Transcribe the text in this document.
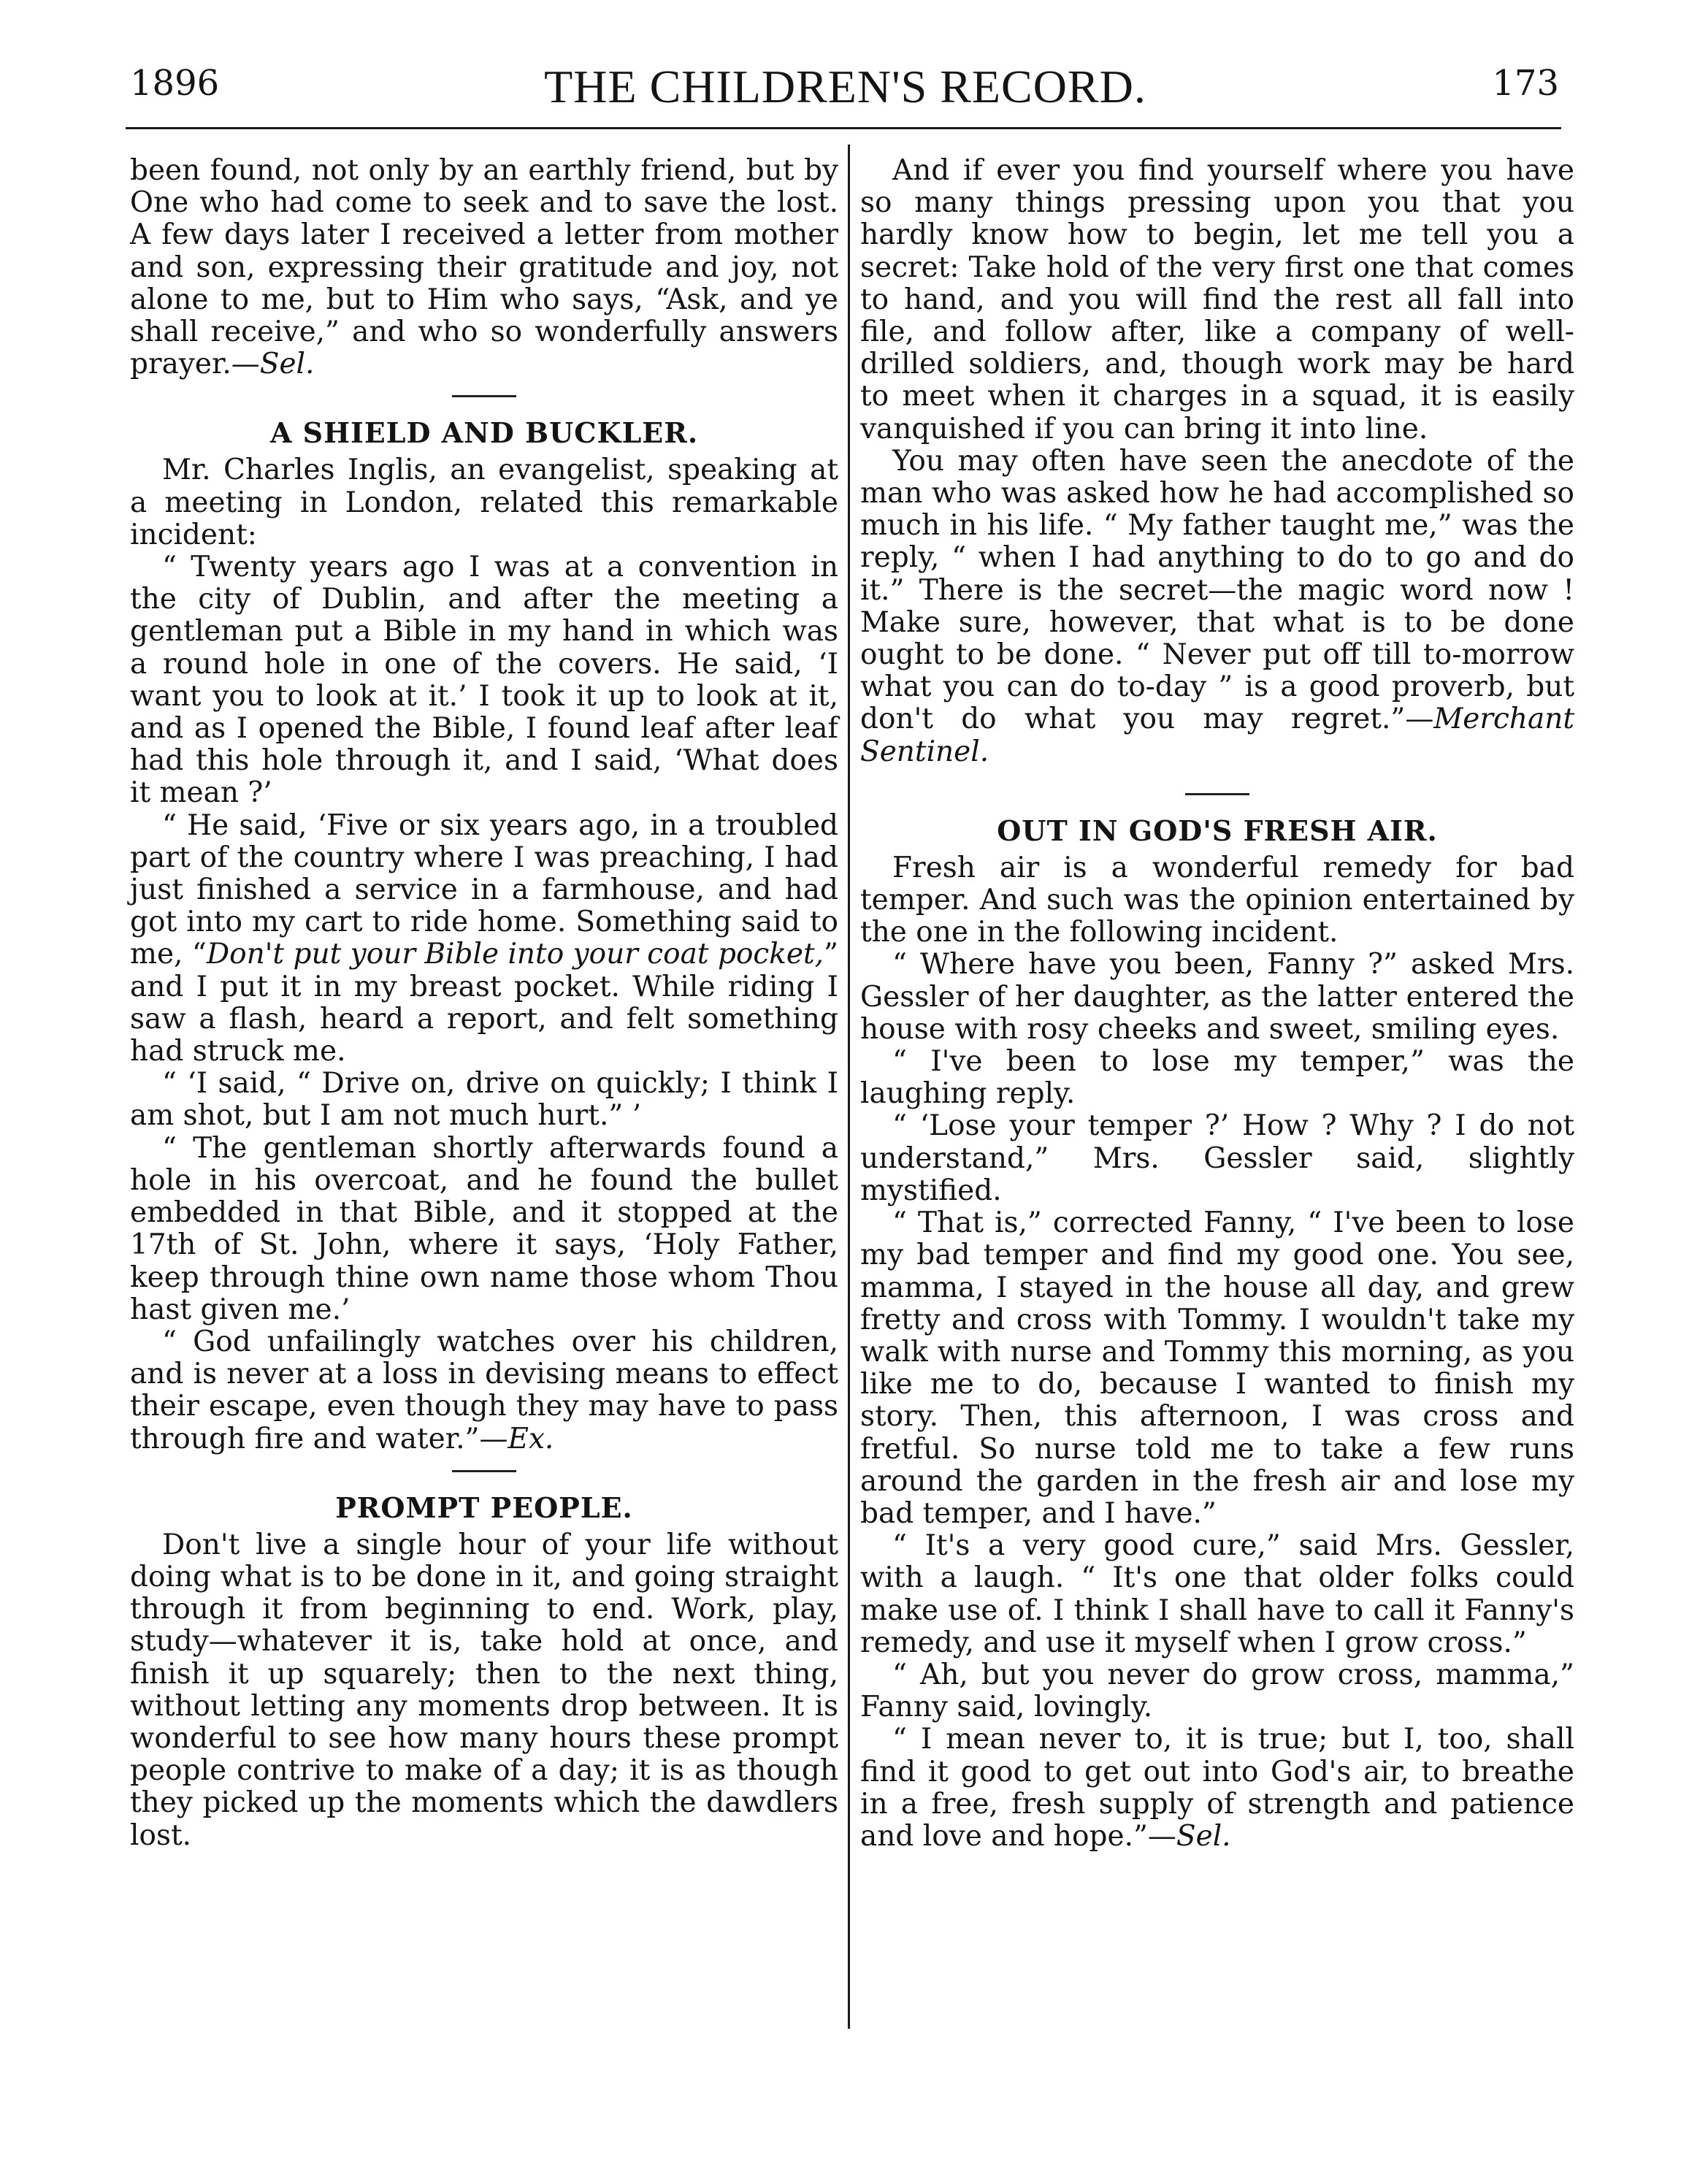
1896	THE CHILDREN'S RECORD.	173

been found, not only by an earthly friend, but by One who had come to seek and to save the lost. A few days later I received a letter from mother and son, expressing their gratitude and joy, not alone to me, but to Him who says, “Ask, and ye shall receive,” and who so wonderfully answers prayer.—Sel.

A SHIELD AND BUCKLER.

Mr. Charles Inglis, an evangelist, speaking at a meeting in London, related this remarkable incident:

“ Twenty years ago I was at a convention in the city of Dublin, and after the meeting a gentleman put a Bible in my hand in which was a round hole in one of the covers. He said, ‘I want you to look at it.’ I took it up to look at it, and as I opened the Bible, I found leaf after leaf had this hole through it, and I said, ‘What does it mean ?’

“ He said, ‘Five or six years ago, in a troubled part of the country where I was preaching, I had just finished a service in a farmhouse, and had got into my cart to ride home. Something said to me, “Don't put your Bible into your coat pocket,” and I put it in my breast pocket. While riding I saw a flash, heard a report, and felt something had struck me.

“ ‘I said, “ Drive on, drive on quickly; I think I am shot, but I am not much hurt.” ’

“ The gentleman shortly afterwards found a hole in his overcoat, and he found the bullet embedded in that Bible, and it stopped at the 17th of St. John, where it says, ‘Holy Father, keep through thine own name those whom Thou hast given me.’

“ God unfailingly watches over his children, and is never at a loss in devising means to effect their escape, even though they may have to pass through fire and water.”—Ex.

PROMPT PEOPLE.

Don't live a single hour of your life without doing what is to be done in it, and going straight through it from beginning to end. Work, play, study—whatever it is, take hold at once, and finish it up squarely; then to the next thing, without letting any moments drop between. It is wonderful to see how many hours these prompt people contrive to make of a day; it is as though they picked up the moments which the dawdlers lost.

And if ever you find yourself where you have so many things pressing upon you that you hardly know how to begin, let me tell you a secret: Take hold of the very first one that comes to hand, and you will find the rest all fall into file, and follow after, like a company of well-drilled soldiers, and, though work may be hard to meet when it charges in a squad, it is easily vanquished if you can bring it into line.

You may often have seen the anecdote of the man who was asked how he had accomplished so much in his life. “ My father taught me,” was the reply, “ when I had anything to do to go and do it.” There is the secret—the magic word now ! Make sure, however, that what is to be done ought to be done. “ Never put off till to-morrow what you can do to-day ” is a good proverb, but don't do what you may regret.”—Merchant Sentinel.

OUT IN GOD'S FRESH AIR.

Fresh air is a wonderful remedy for bad temper. And such was the opinion entertained by the one in the following incident.

“ Where have you been, Fanny ?” asked Mrs. Gessler of her daughter, as the latter entered the house with rosy cheeks and sweet, smiling eyes.

“ I've been to lose my temper,” was the laughing reply.

“ ‘Lose your temper ?’ How ? Why ? I do not understand,” Mrs. Gessler said, slightly mystified.

“ That is,” corrected Fanny, “ I've been to lose my bad temper and find my good one. You see, mamma, I stayed in the house all day, and grew fretty and cross with Tommy. I wouldn't take my walk with nurse and Tommy this morning, as you like me to do, because I wanted to finish my story. Then, this afternoon, I was cross and fretful. So nurse told me to take a few runs around the garden in the fresh air and lose my bad temper, and I have.”

“ It's a very good cure,” said Mrs. Gessler, with a laugh. “ It's one that older folks could make use of. I think I shall have to call it Fanny's remedy, and use it myself when I grow cross.”

“ Ah, but you never do grow cross, mamma,” Fanny said, lovingly.

“ I mean never to, it is true; but I, too, shall find it good to get out into God's air, to breathe in a free, fresh supply of strength and patience and love and hope.”—Sel.
